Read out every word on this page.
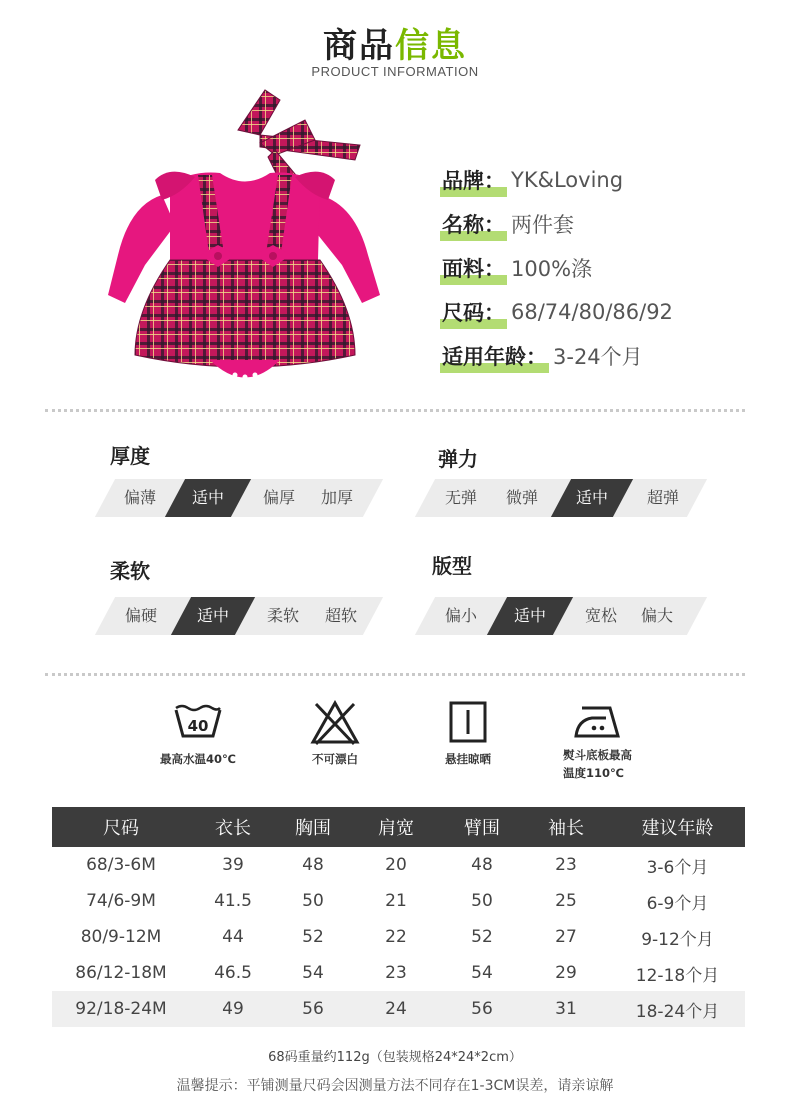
商品信息
PRODUCT INFORMATION
品牌： YK&Loving
名称： 两件套
面料： 100%涤
尺码： 68/74/80/86/92
适用年龄： 3-24个月
厚度
偏薄	适中	偏厚	加厚
弹力
无弹	微弹	适中	超弹
柔软
偏硬	适中	柔软	超软
版型
偏小	适中	宽松	偏大
40
最高水温40℃	不可漂白	悬挂晾晒	熨斗底板最高
温度110℃
尺码	衣长	胸围	肩宽	臂围	袖长	建议年龄
68/3-6M	39	48	20	48	23	3-6个月
74/6-9M	41.5	50	21	50	25	6-9个月
80/9-12M	44	52	22	52	27	9-12个月
86/12-18M	46.5	54	23	54	29	12-18个月
92/18-24M	49	56	24	56	31	18-24个月
68码重量约112g（包装规格24*24*2cm）
温馨提示：平铺测量尺码会因测量方法不同存在1-3CM误差，请亲谅解
